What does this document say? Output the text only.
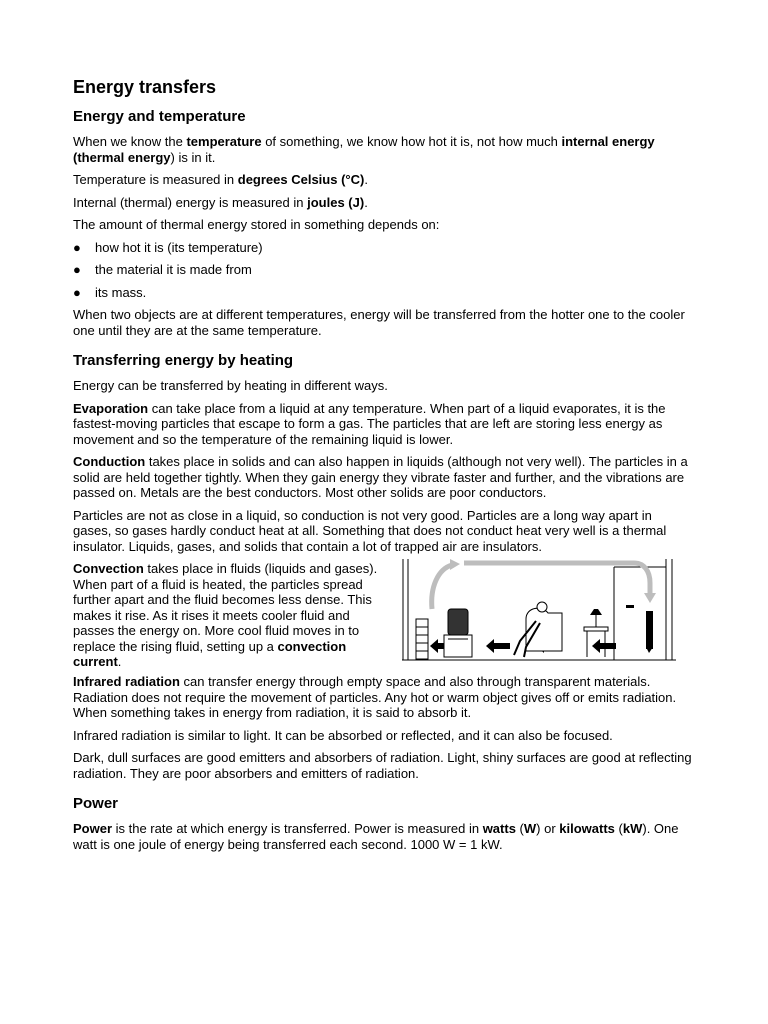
Energy transfers
Energy and temperature

When we know the temperature of something, we know how hot it is, not how much internal energy (thermal energy) is in it.

Temperature is measured in degrees Celsius (°C).

Internal (thermal) energy is measured in joules (J).

The amount of thermal energy stored in something depends on:

● how hot it is (its temperature)
● the material it is made from
● its mass.

When two objects are at different temperatures, energy will be transferred from the hotter one to the cooler one until they are at the same temperature.

Transferring energy by heating

Energy can be transferred by heating in different ways.

Evaporation can take place from a liquid at any temperature. When part of a liquid evaporates, it is the fastest-moving particles that escape to form a gas. The particles that are left are storing less energy as movement and so the temperature of the remaining liquid is lower.

Conduction takes place in solids and can also happen in liquids (although not very well). The particles in a solid are held together tightly. When they gain energy they vibrate faster and further, and the vibrations are passed on. Metals are the best conductors. Most other solids are poor conductors.

Particles are not as close in a liquid, so conduction is not very good. Particles are a long way apart in gases, so gases hardly conduct heat at all. Something that does not conduct heat very well is a thermal insulator. Liquids, gases, and solids that contain a lot of trapped air are insulators.

Convection takes place in fluids (liquids and gases). When part of a fluid is heated, the particles spread further apart and the fluid becomes less dense. This makes it rise. As it rises it meets cooler fluid and passes the energy on. More cool fluid moves in to replace the rising fluid, setting up a convection current.

Infrared radiation can transfer energy through empty space and also through transparent materials. Radiation does not require the movement of particles. Any hot or warm object gives off or emits radiation. When something takes in energy from radiation, it is said to absorb it.

Infrared radiation is similar to light. It can be absorbed or reflected, and it can also be focused.

Dark, dull surfaces are good emitters and absorbers of radiation. Light, shiny surfaces are good at reflecting radiation. They are poor absorbers and emitters of radiation.

Power

Power is the rate at which energy is transferred. Power is measured in watts (W) or kilowatts (kW). One watt is one joule of energy being transferred each second. 1000 W = 1 kW.
